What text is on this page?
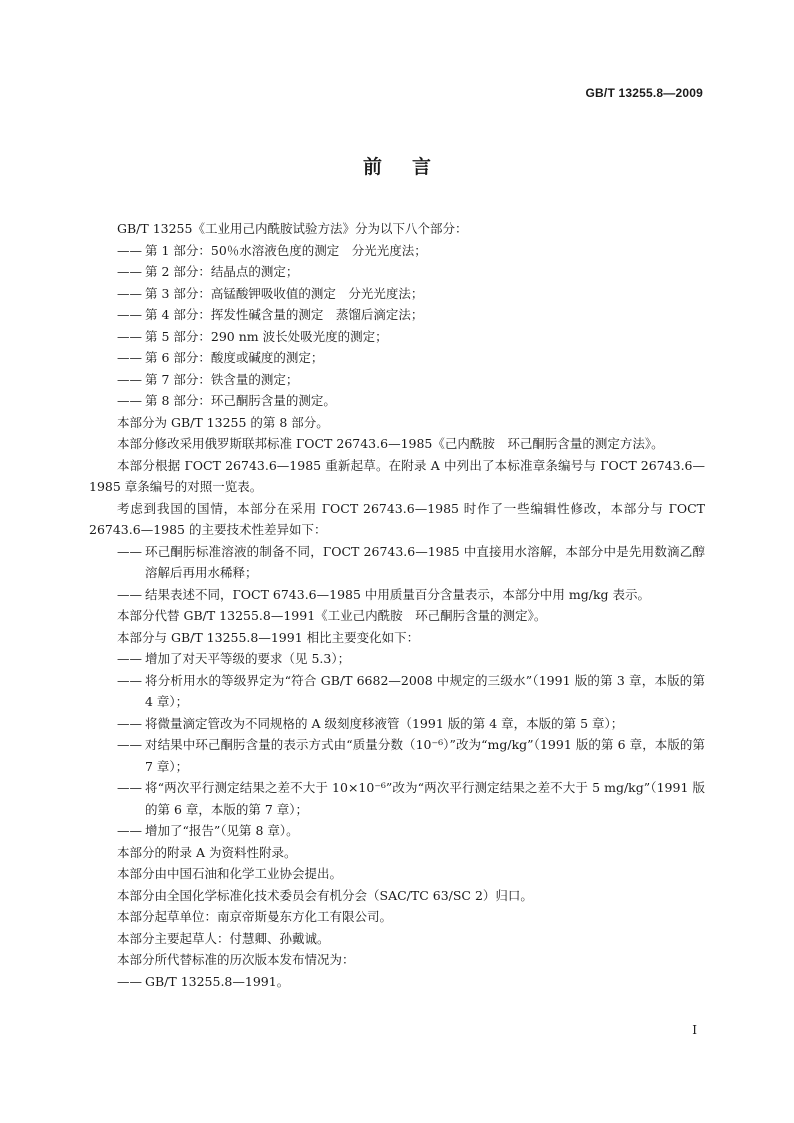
GB/T 13255.8—2009
前言
GB/T 13255《工业用己内酰胺试验方法》分为以下八个部分：
—— 第 1 部分：50％水溶液色度的测定　分光光度法；
—— 第 2 部分：结晶点的测定；
—— 第 3 部分：高锰酸钾吸收值的测定　分光光度法；
—— 第 4 部分：挥发性碱含量的测定　蒸馏后滴定法；
—— 第 5 部分：290 nm 波长处吸光度的测定；
—— 第 6 部分：酸度或碱度的测定；
—— 第 7 部分：铁含量的测定；
—— 第 8 部分：环己酮肟含量的测定。
本部分为 GB/T 13255 的第 8 部分。
本部分修改采用俄罗斯联邦标准 ГОСТ 26743.6—1985《己内酰胺　环己酮肟含量的测定方法》。
本部分根据 ГОСТ 26743.6—1985 重新起草。在附录 A 中列出了本标准章条编号与 ГОСТ 26743.6—1985 章条编号的对照一览表。
考虑到我国的国情，本部分在采用 ГОСТ 26743.6—1985 时作了一些编辑性修改，本部分与 ГОСТ 26743.6—1985 的主要技术性差异如下：
—— 环己酮肟标准溶液的制备不同，ГОСТ 26743.6—1985 中直接用水溶解，本部分中是先用数滴乙醇溶解后再用水稀释；
—— 结果表述不同，ГОСТ 6743.6—1985 中用质量百分含量表示，本部分中用 mg/kg 表示。
本部分代替 GB/T 13255.8—1991《工业己内酰胺　环己酮肟含量的测定》。
本部分与 GB/T 13255.8—1991 相比主要变化如下：
—— 增加了对天平等级的要求（见 5.3）；
—— 将分析用水的等级界定为“符合 GB/T 6682—2008 中规定的三级水”（1991 版的第 3 章，本版的第 4 章）；
—— 将微量滴定管改为不同规格的 A 级刻度移液管（1991 版的第 4 章，本版的第 5 章）；
—— 对结果中环己酮肟含量的表示方式由“质量分数（10⁻⁶）”改为“mg/kg”（1991 版的第 6 章，本版的第 7 章）；
—— 将“两次平行测定结果之差不大于 10×10⁻⁶”改为“两次平行测定结果之差不大于 5 mg/kg”（1991 版的第 6 章，本版的第 7 章）；
—— 增加了“报告”（见第 8 章）。
本部分的附录 A 为资料性附录。
本部分由中国石油和化学工业协会提出。
本部分由全国化学标准化技术委员会有机分会（SAC/TC 63/SC 2）归口。
本部分起草单位：南京帝斯曼东方化工有限公司。
本部分主要起草人：付慧卿、孙戴诚。
本部分所代替标准的历次版本发布情况为：
—— GB/T 13255.8—1991。
I
